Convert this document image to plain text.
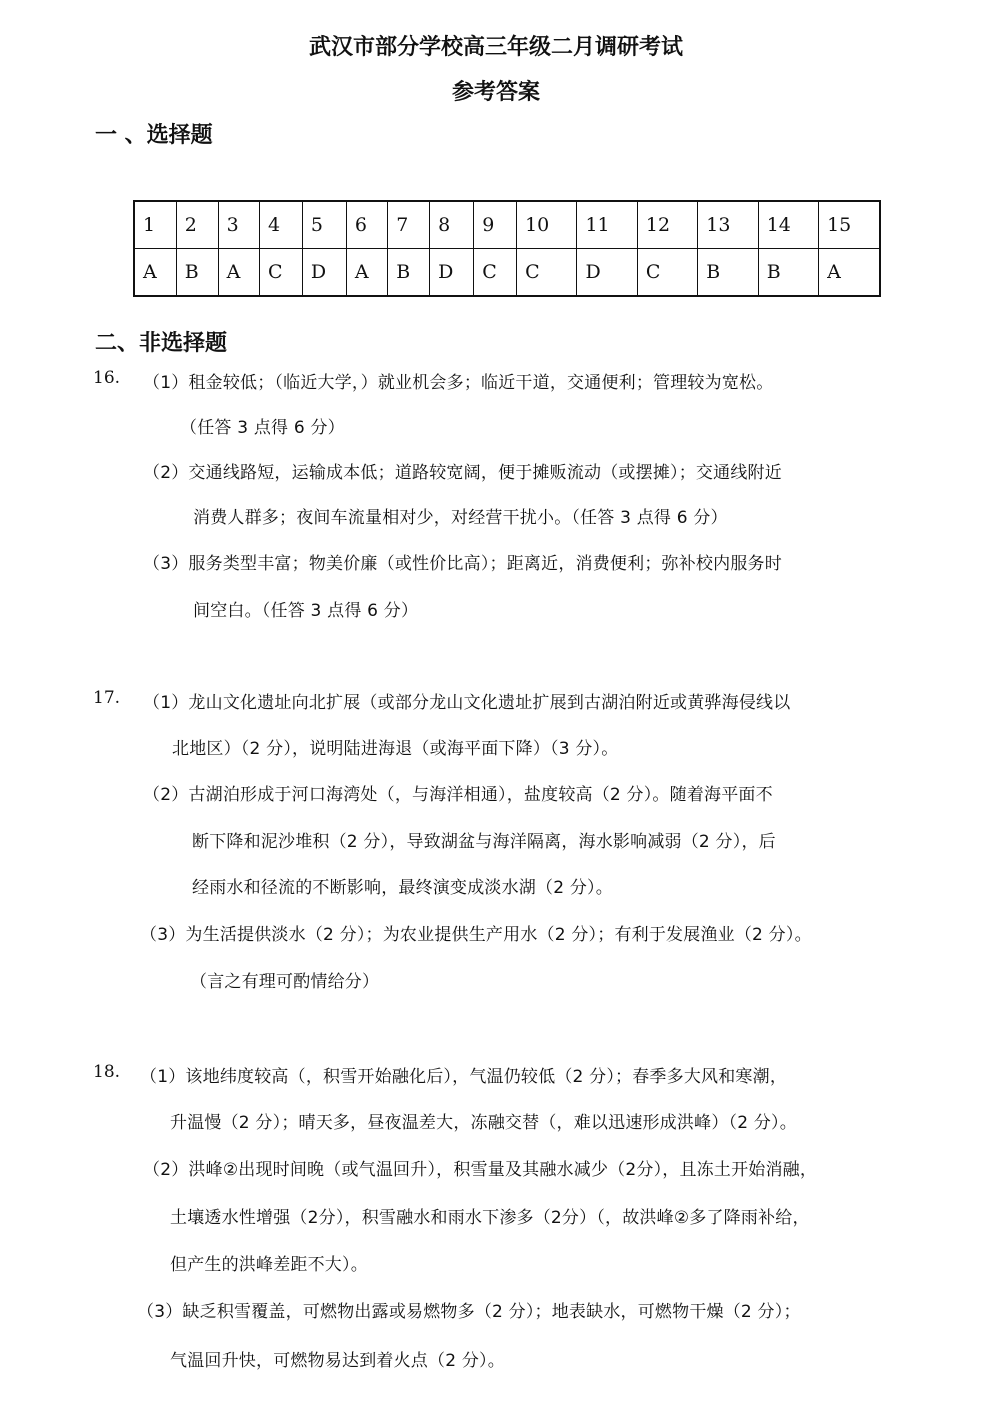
武汉市部分学校高三年级二月调研考试
参考答案
一 、选择题
1	2	3	4	5	6	7	8	9	10	11	12	13	14	15
A	B	A	C	D	A	B	D	C	C	D	C	B	B	A
二、非选择题
16. （1）租金较低；（临近大学，）就业机会多；临近干道，交通便利；管理较为宽松。
（任答 3 点得 6 分）
（2）交通线路短，运输成本低；道路较宽阔，便于摊贩流动（或摆摊）；交通线附近
消费人群多；夜间车流量相对少，对经营干扰小。（任答 3 点得 6 分）
（3）服务类型丰富；物美价廉（或性价比高）；距离近，消费便利；弥补校内服务时
间空白。（任答 3 点得 6 分）
17. （1）龙山文化遗址向北扩展（或部分龙山文化遗址扩展到古湖泊附近或黄骅海侵线以
北地区）（2 分），说明陆进海退（或海平面下降）（3 分）。
（2）古湖泊形成于河口海湾处（，与海洋相通），盐度较高（2 分）。随着海平面不
断下降和泥沙堆积（2 分），导致湖盆与海洋隔离，海水影响减弱（2 分），后
经雨水和径流的不断影响，最终演变成淡水湖（2 分）。
（3）为生活提供淡水（2 分）；为农业提供生产用水（2 分）；有利于发展渔业（2 分）。
（言之有理可酌情给分）
18. （1）该地纬度较高（，积雪开始融化后），气温仍较低（2 分）；春季多大风和寒潮，
升温慢（2 分）；晴天多，昼夜温差大，冻融交替（，难以迅速形成洪峰）（2 分）。
（2）洪峰②出现时间晚（或气温回升），积雪量及其融水减少（2分），且冻土开始消融，
土壤透水性增强（2分），积雪融水和雨水下渗多（2分）（，故洪峰②多了降雨补给，
但产生的洪峰差距不大）。
（3）缺乏积雪覆盖，可燃物出露或易燃物多（2 分）；地表缺水，可燃物干燥（2 分）；
气温回升快，可燃物易达到着火点（2 分）。
